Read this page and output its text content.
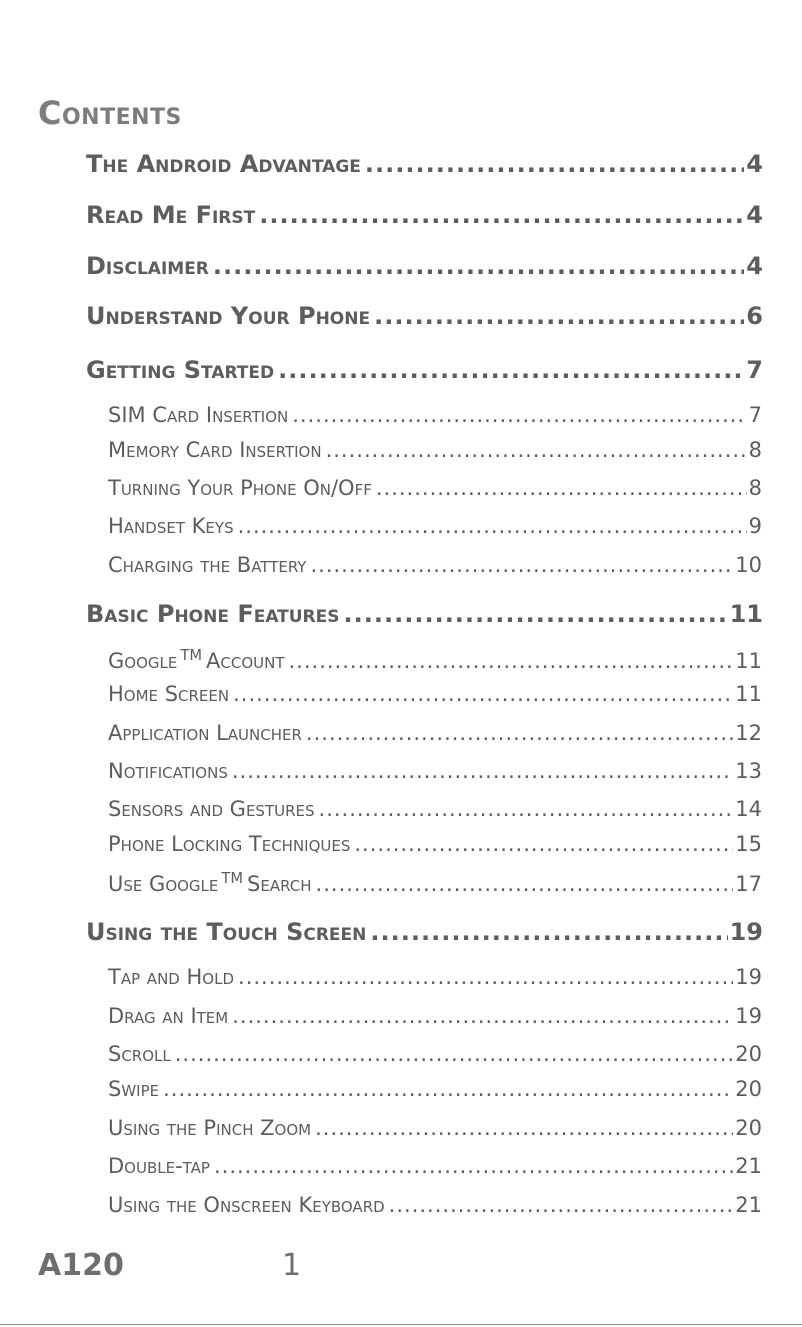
Contents
The Android Advantage .....	4
Read Me First .....	4
Disclaimer .....	4
Understand Your Phone .....	6
Getting Started .....	7
SIM Card Insertion .....	7
Memory Card Insertion .....	8
Turning Your Phone On/Off .....	8
Handset Keys .....	9
Charging the Battery .....	10
Basic Phone Features .....	11
Google ™ Account .....	11
Home Screen .....	11
Application Launcher .....	12
Notifications .....	13
Sensors and Gestures .....	14
Phone Locking Techniques .....	15
Use Google ™ Search .....	17
Using the Touch Screen .....	19
Tap and Hold .....	19
Drag an Item .....	19
Scroll .....	20
Swipe .....	20
Using the Pinch Zoom .....	20
Double-tap .....	21
Using the Onscreen Keyboard .....	21

A120	1
